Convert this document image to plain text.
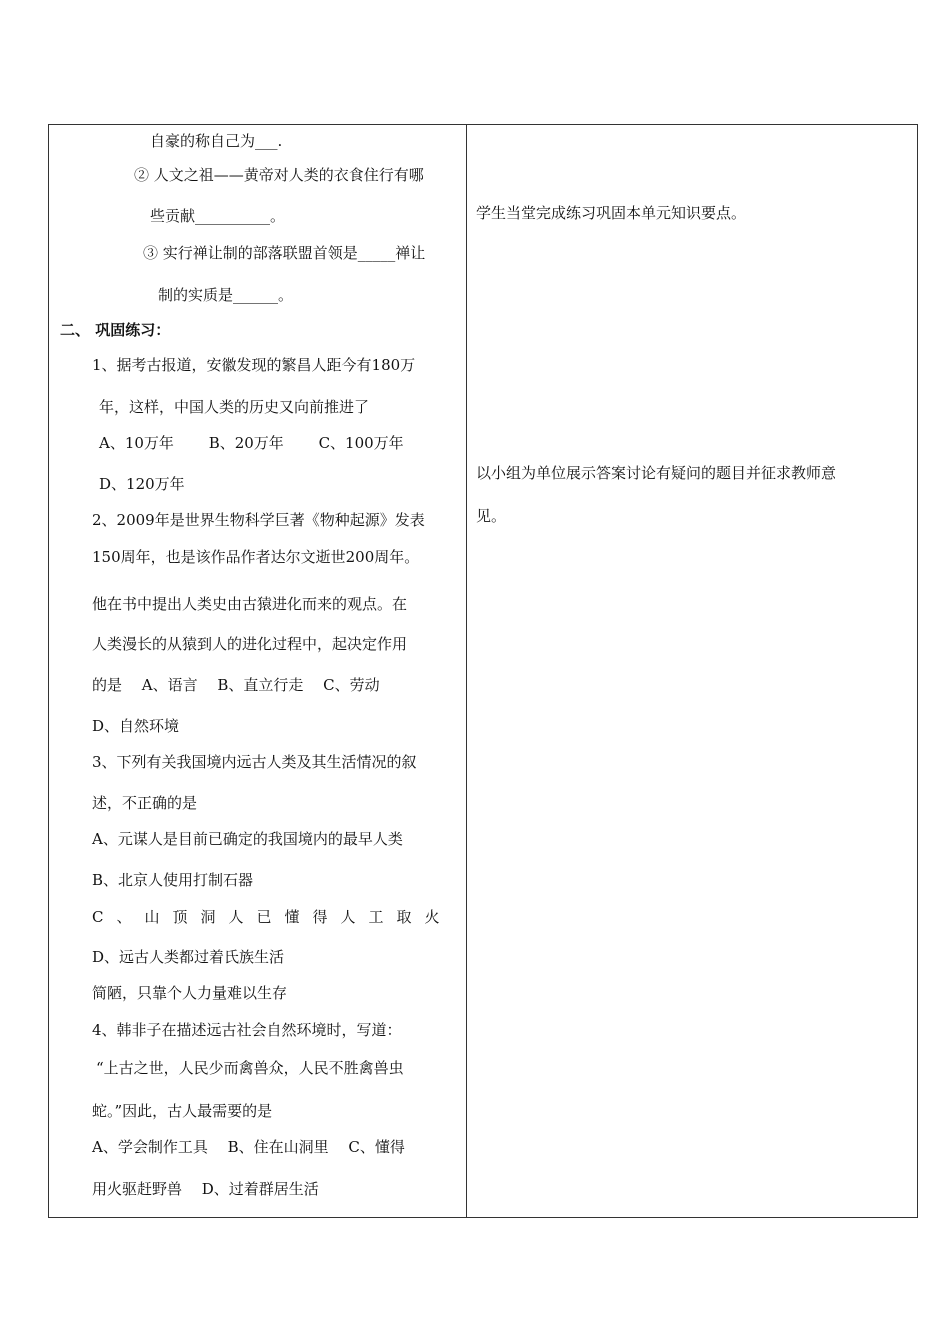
自豪的称自己为___.
② 人文之祖——黄帝对人类的衣食住行有哪
些贡献__________。
③ 实行禅让制的部落联盟首领是_____禅让
制的实质是______。
二、 巩固练习：
1、据考古报道，安徽发现的繁昌人距今有180万
年，这样，中国人类的历史又向前推进了
A、10万年　　 B、20万年　　 C、100万年
D、120万年
2、2009年是世界生物科学巨著《物种起源》发表
150周年，也是该作品作者达尔文逝世200周年。
他在书中提出人类史由古猿进化而来的观点。在
人类漫长的从猿到人的进化过程中，起决定作用
的是　 A、语言　 B、直立行走　 C、劳动
D、自然环境
3、下列有关我国境内远古人类及其生活情况的叙
述，不正确的是
A、元谋人是目前已确定的我国境内的最早人类
B、北京人使用打制石器
C、山顶洞人已懂得人工取火
D、远古人类都过着氏族生活
简陋，只靠个人力量难以生存
4、韩非子在描述远古社会自然环境时，写道：
“上古之世，人民少而禽兽众，人民不胜禽兽虫
蛇。”因此，古人最需要的是
A、学会制作工具　 B、住在山洞里　 C、懂得
用火驱赶野兽　 D、过着群居生活
学生当堂完成练习巩固本单元知识要点。
以小组为单位展示答案讨论有疑问的题目并征求教师意
见。
